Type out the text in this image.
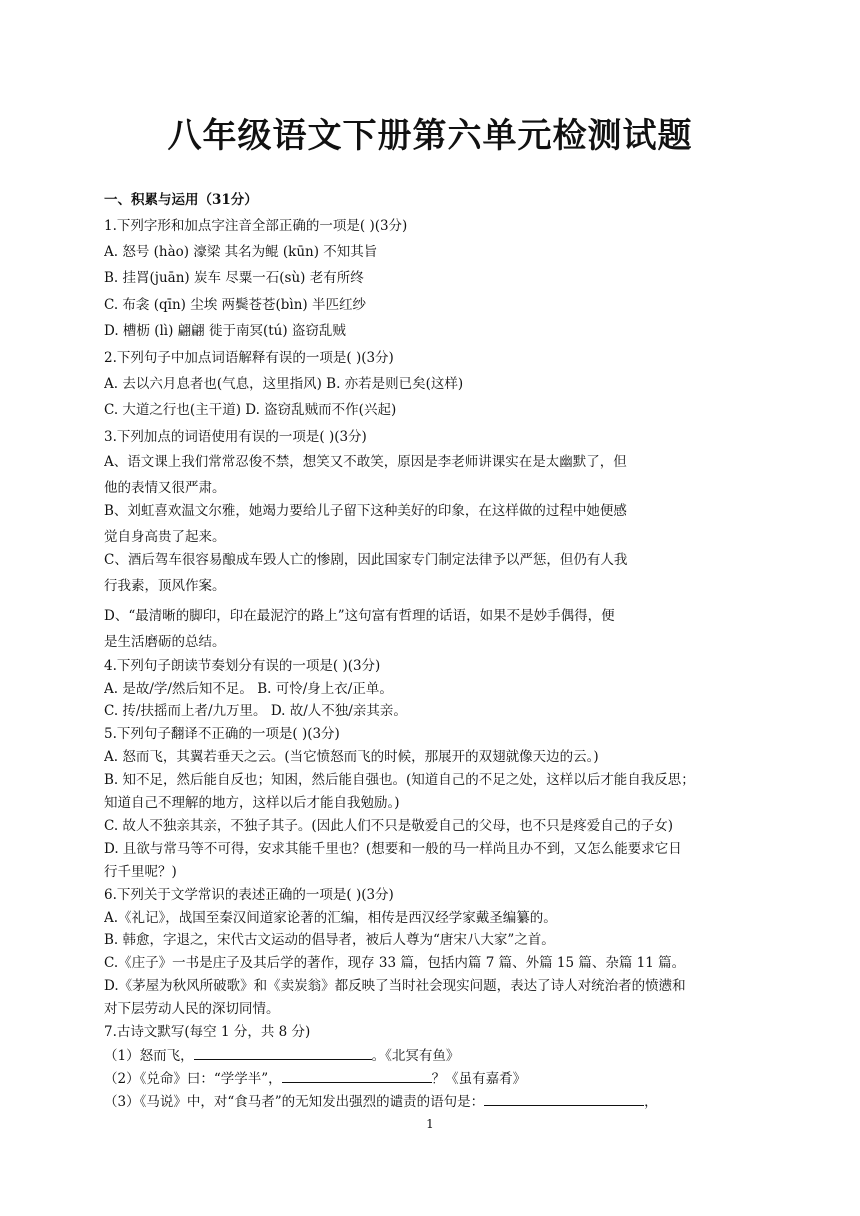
八年级语文下册第六单元检测试题
一、积累与运用（31分）
1.下列字形和加点字注音全部正确的一项是( )(3分)
A. 怒号 (hào) 濠梁 其名为鲲 (kūn) 不知其旨
B. 挂罥(juān) 炭车 尽粟一石(sù) 老有所终
C. 布衾 (qīn) 尘埃 两鬓苍苍(bìn) 半匹红纱
D. 槽枥 (lì) 翩翩 徙于南冥(tú) 盗窃乱贼
2.下列句子中加点词语解释有误的一项是( )(3分)
A. 去以六月息者也(气息，这里指风) B. 亦若是则已矣(这样)
C. 大道之行也(主干道) D. 盗窃乱贼而不作(兴起)
3.下列加点的词语使用有误的一项是( )(3分)
A、语文课上我们常常忍俊不禁，想笑又不敢笑，原因是李老师讲课实在是太幽默了，但
他的表情又很严肃。
B、刘虹喜欢温文尔雅，她竭力要给儿子留下这种美好的印象，在这样做的过程中她便感
觉自身高贵了起来。
C、酒后驾车很容易酿成车毁人亡的惨剧，因此国家专门制定法律予以严惩，但仍有人我
行我素，顶风作案。
D、“最清晰的脚印，印在最泥泞的路上”这句富有哲理的话语，如果不是妙手偶得，便
是生活磨砺的总结。
4.下列句子朗读节奏划分有误的一项是( )(3分)
A. 是故/学/然后知不足。 B. 可怜/身上衣/正单。
C. 抟/扶摇而上者/九万里。 D. 故/人不独/亲其亲。
5.下列句子翻译不正确的一项是( )(3分)
A. 怒而飞，其翼若垂天之云。(当它愤怒而飞的时候，那展开的双翅就像天边的云。)
B. 知不足，然后能自反也；知困，然后能自强也。(知道自己的不足之处，这样以后才能自我反思；
知道自己不理解的地方，这样以后才能自我勉励。)
C. 故人不独亲其亲，不独子其子。(因此人们不只是敬爱自己的父母，也不只是疼爱自己的子女)
D. 且欲与常马等不可得，安求其能千里也？(想要和一般的马一样尚且办不到，又怎么能要求它日
行千里呢？)
6.下列关于文学常识的表述正确的一项是( )(3分)
A.《礼记》，战国至秦汉间道家论著的汇编，相传是西汉经学家戴圣编纂的。
B. 韩愈，字退之，宋代古文运动的倡导者，被后人尊为“唐宋八大家”之首。
C.《庄子》一书是庄子及其后学的著作，现存 33 篇，包括内篇 7 篇、外篇 15 篇、杂篇 11 篇。
D.《茅屋为秋风所破歌》和《卖炭翁》都反映了当时社会现实问题，表达了诗人对统治者的愤懑和
对下层劳动人民的深切同情。
7.古诗文默写(每空 1 分，共 8 分)
（1）怒而飞，	。《北冥有鱼》
（2）《兑命》曰：“学学半”，	？《虽有嘉肴》
（3）《马说》中，对“食马者”的无知发出强烈的谴责的语句是：	，
1
